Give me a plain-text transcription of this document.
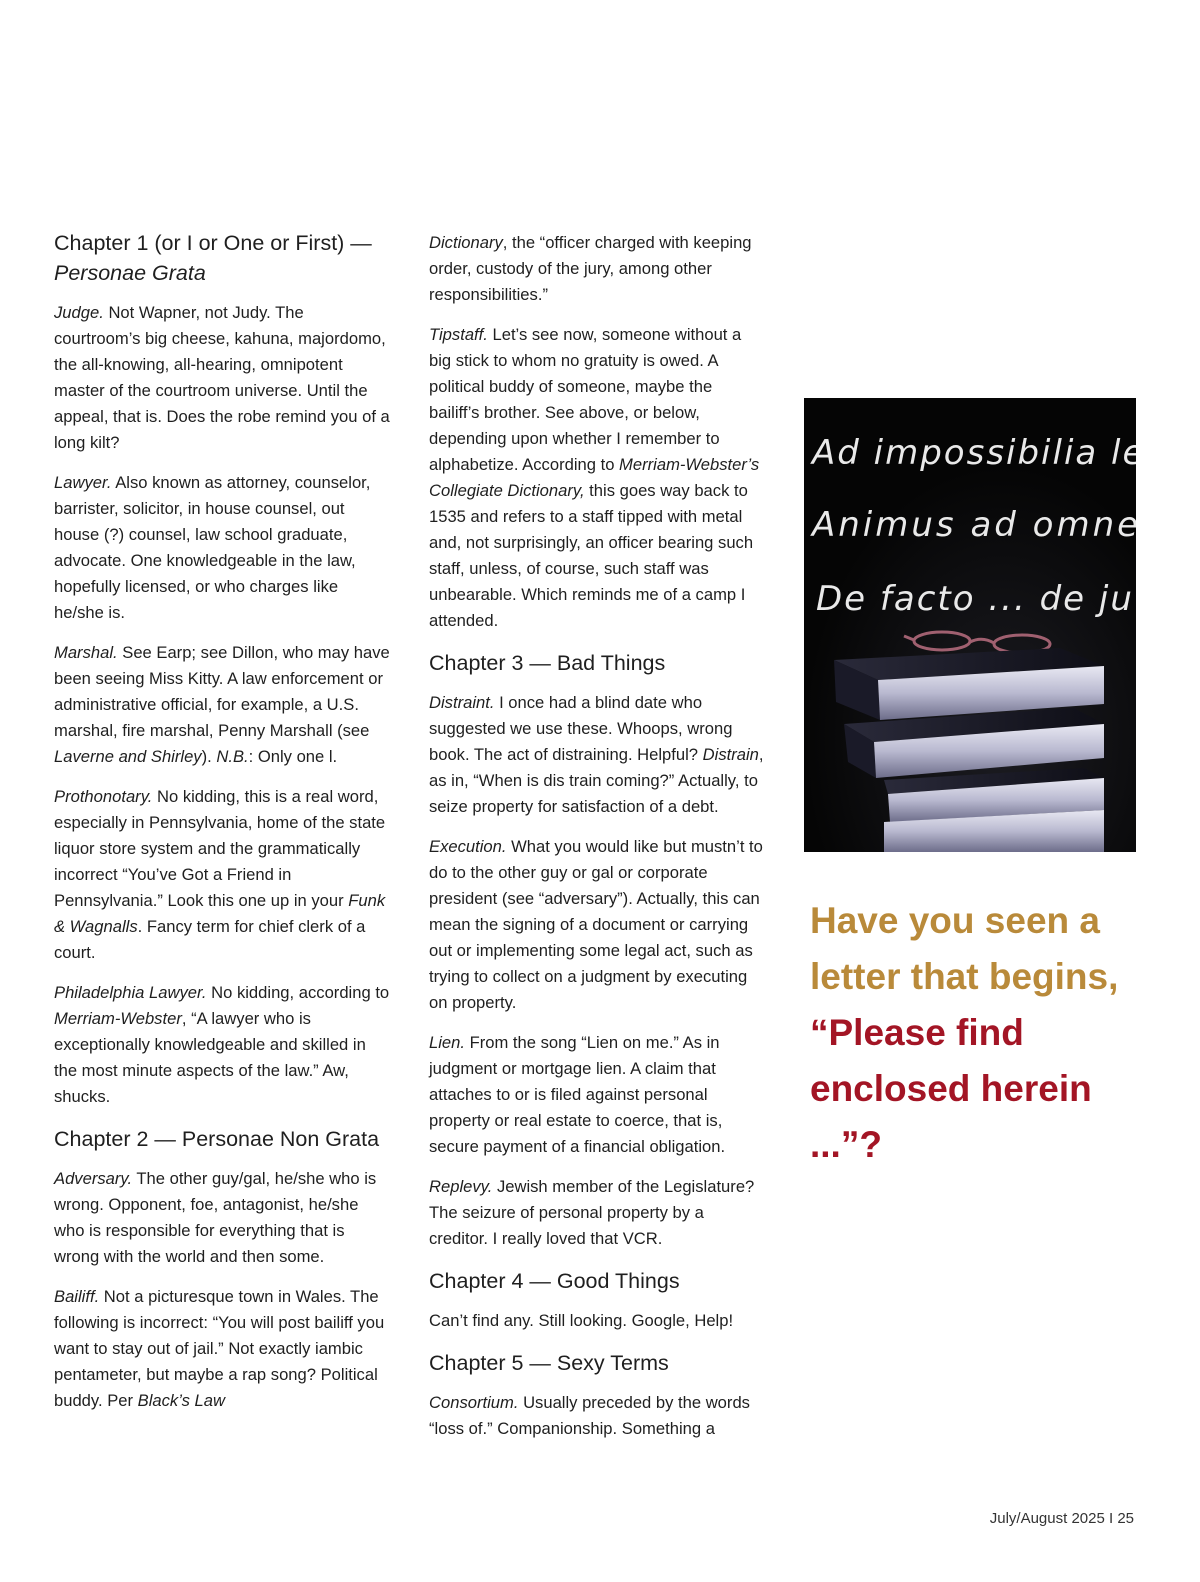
Chapter 1 (or I or One or First) —
Personae Grata

Judge. Not Wapner, not Judy. The courtroom’s big cheese, kahuna, majordomo, the all-knowing, all-hearing, omnipotent master of the courtroom universe. Until the appeal, that is. Does the robe remind you of a long kilt?

Lawyer. Also known as attorney, counselor, barrister, solicitor, in house counsel, out house (?) counsel, law school graduate, advocate. One knowledgeable in the law, hopefully licensed, or who charges like he/she is.

Marshal. See Earp; see Dillon, who may have been seeing Miss Kitty. A law enforcement or administrative official, for example, a U.S. marshal, fire marshal, Penny Marshall (see Laverne and Shirley). N.B.: Only one l.

Prothonotary. No kidding, this is a real word, especially in Pennsylvania, home of the state liquor store system and the grammatically incorrect “You’ve Got a Friend in Pennsylvania.” Look this one up in your Funk & Wagnalls. Fancy term for chief clerk of a court.

Philadelphia Lawyer. No kidding, according to Merriam-Webster, “A lawyer who is exceptionally knowledgeable and skilled in the most minute aspects of the law.” Aw, shucks.

Chapter 2 — Personae Non Grata

Adversary. The other guy/gal, he/she who is wrong. Opponent, foe, antagonist, he/she who is responsible for everything that is wrong with the world and then some.

Bailiff. Not a picturesque town in Wales. The following is incorrect: “You will post bailiff you want to stay out of jail.” Not exactly iambic pentameter, but maybe a rap song? Political buddy. Per Black’s Law

Dictionary, the “officer charged with keeping order, custody of the jury, among other responsibilities.”

Tipstaff. Let’s see now, someone without a big stick to whom no gratuity is owed. A political buddy of someone, maybe the bailiff’s brother. See above, or below, depending upon whether I remember to alphabetize. According to Merriam-Webster’s Collegiate Dictionary, this goes way back to 1535 and refers to a staff tipped with metal and, not surprisingly, an officer bearing such staff, unless, of course, such staff was unbearable. Which reminds me of a camp I attended.

Chapter 3 — Bad Things

Distraint. I once had a blind date who suggested we use these. Whoops, wrong book. The act of distraining. Helpful? Distrain, as in, “When is dis train coming?” Actually, to seize property for satisfaction of a debt.

Execution. What you would like but mustn’t to do to the other guy or gal or corporate president (see “adversary”). Actually, this can mean the signing of a document or carrying out or implementing some legal act, such as trying to collect on a judgment by executing on property.

Lien. From the song “Lien on me.” As in judgment or mortgage lien. A claim that attaches to or is filed against personal property or real estate to coerce, that is, secure payment of a financial obligation.

Replevy. Jewish member of the Legislature? The seizure of personal property by a creditor. I really loved that VCR.

Chapter 4 — Good Things

Can’t find any. Still looking. Google, Help!

Chapter 5 — Sexy Terms

Consortium. Usually preceded by the words “loss of.” Companionship. Something a

Ad impossibilia lex
Animus ad omne
De facto ... de ju
Have you seen a letter that begins, “Please find enclosed herein ...”?
July/August 2025 I 25
